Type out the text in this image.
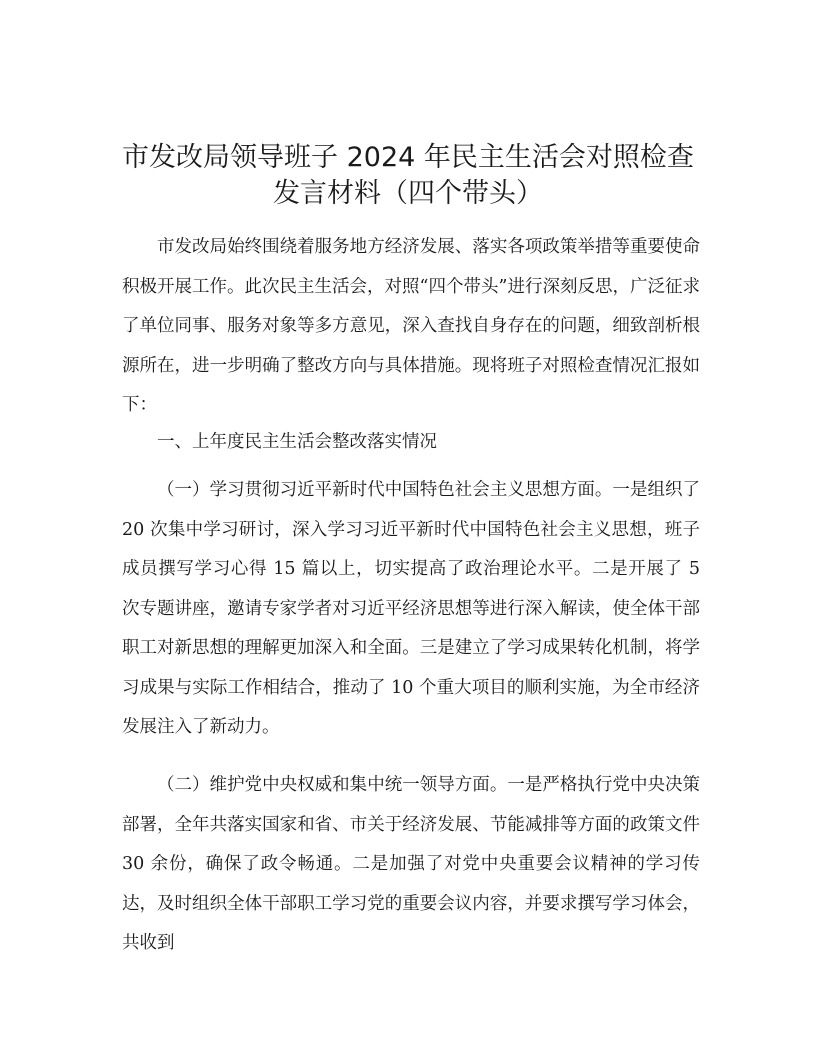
市发改局领导班子 2024 年民主生活会对照检查
发言材料（四个带头）

市发改局始终围绕着服务地方经济发展、落实各项政策举措等重要使命积极开展工作。此次民主生活会，对照“四个带头”进行深刻反思，广泛征求了单位同事、服务对象等多方意见，深入查找自身存在的问题，细致剖析根源所在，进一步明确了整改方向与具体措施。现将班子对照检查情况汇报如下：

一、上年度民主生活会整改落实情况

（一）学习贯彻习近平新时代中国特色社会主义思想方面。一是组织了 20 次集中学习研讨，深入学习习近平新时代中国特色社会主义思想，班子成员撰写学习心得 15 篇以上，切实提高了政治理论水平。二是开展了 5 次专题讲座，邀请专家学者对习近平经济思想等进行深入解读，使全体干部职工对新思想的理解更加深入和全面。三是建立了学习成果转化机制，将学习成果与实际工作相结合，推动了 10 个重大项目的顺利实施，为全市经济发展注入了新动力。

（二）维护党中央权威和集中统一领导方面。一是严格执行党中央决策部署，全年共落实国家和省、市关于经济发展、节能减排等方面的政策文件 30 余份，确保了政令畅通。二是加强了对党中央重要会议精神的学习传达，及时组织全体干部职工学习党的重要会议内容，并要求撰写学习体会，共收到
